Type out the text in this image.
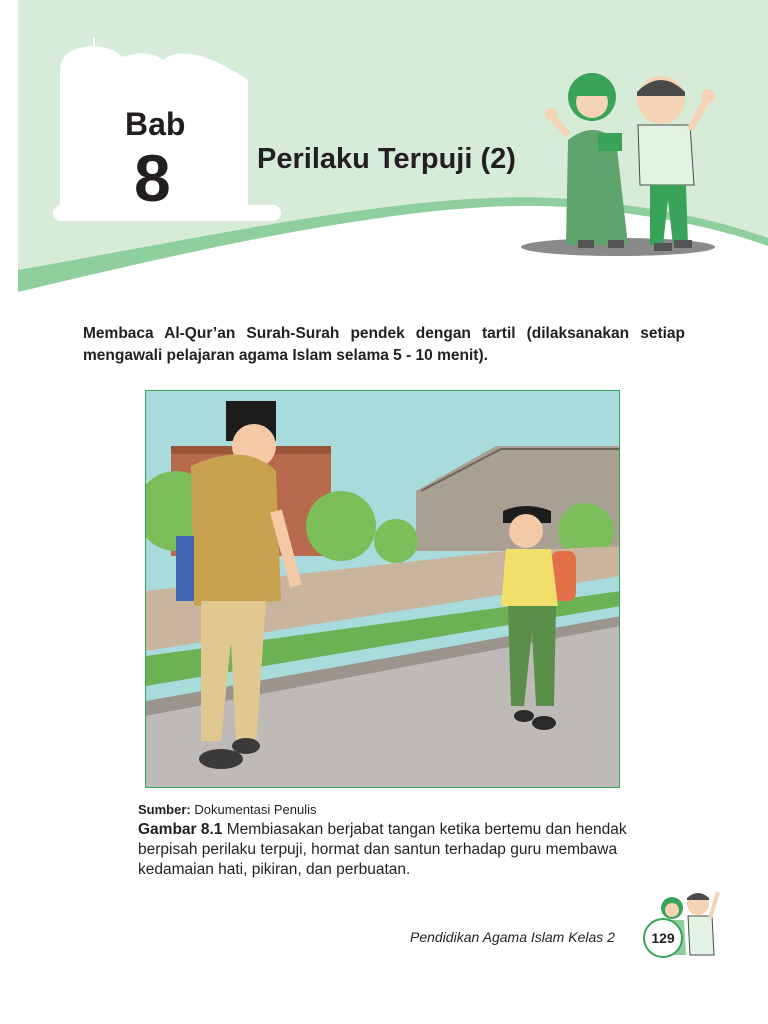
Bab
8	Perilaku Terpuji (2)
Membaca Al-Qur’an Surah-Surah pendek dengan tartil (dilaksanakan setiap mengawali pelajaran agama Islam selama 5 - 10 menit).
Sumber: Dokumentasi Penulis
Gambar 8.1 Membiasakan berjabat tangan ketika bertemu dan hendak berpisah perilaku terpuji, hormat dan santun terhadap guru membawa kedamaian hati, pikiran, dan perbuatan.
Pendidikan Agama Islam Kelas 2	129
